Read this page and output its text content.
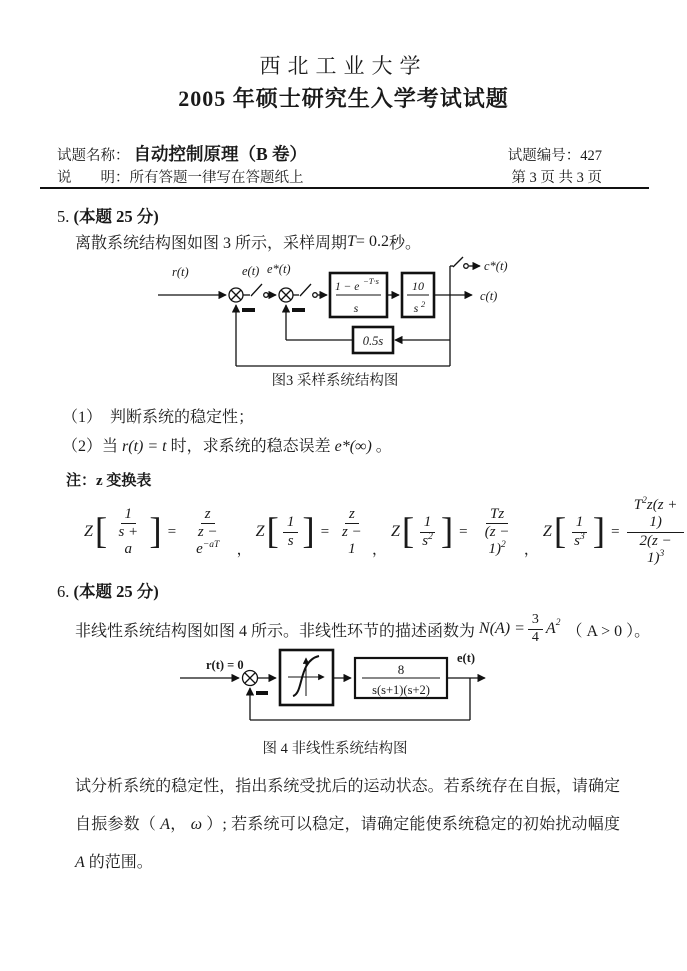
西北工业大学
2005 年硕士研究生入学考试试题
试题名称： 自动控制原理（B 卷）	试题编号：427
说　　明：所有答题一律写在答题纸上	第 3 页 共 3 页
5. (本题 25 分)
离散系统结构图如图 3 所示，采样周期 T = 0.2 秒。
r(t)	e(t) e*(t)	c*(t)
c(t)
1 − e −T·s
s
10
s 2
0.5s
图3 采样系统结构图
（1）　判断系统的稳定性；
（2）当 r(t) = t 时，求系统的稳态误差 e*(∞) 。
注：z 变换表
Z [ $\frac{1}{s + a}$ ] = $\frac{z}{z - e^{-aT}}$ ，
Z [ $\frac{1}{s}$ ] = $\frac{z}{z - 1}$ ，
Z [ $\frac{1}{s^2}$ ] = $\frac{Tz}{(z - 1)^2}$ ，
Z [ $\frac{1}{s^3}$ ] = $\frac{T^2z(z + 1)}{2(z - 1)^3}$
6. (本题 25 分)
非线性系统结构图如图 4 所示。非线性环节的描述函数为 $N(A) = \frac{3}{4}$ A 2 （ A > 0 ）。
r(t) = 0	e(t)
8
s(s+1)(s+2)
图 4 非线性系统结构图
试分析系统的稳定性，指出系统受扰后的运动状态。若系统存在自振，请确定自振参数（ A， ω ）; 若系统可以稳定，请确定能使系统稳定的初始扰动幅度 A 的范围。
